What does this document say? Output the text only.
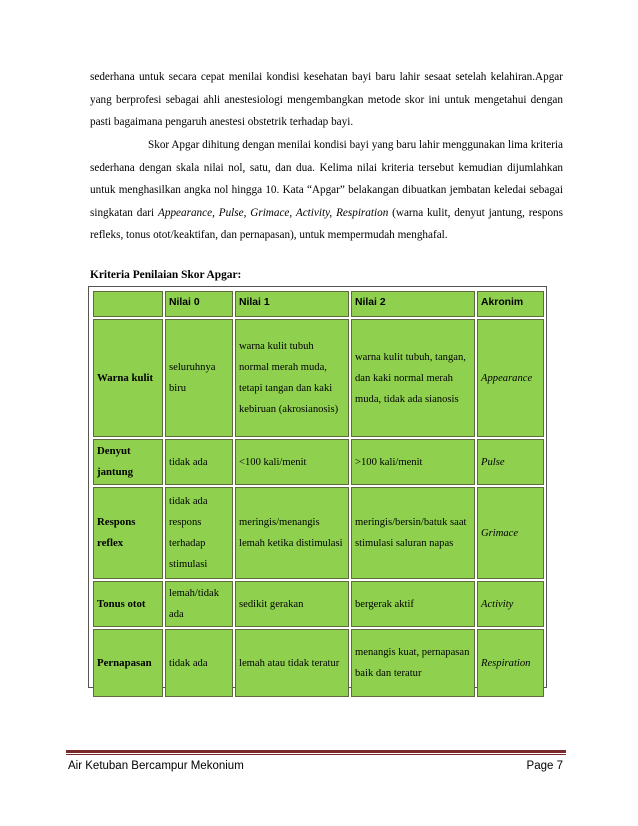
sederhana untuk secara cepat menilai kondisi kesehatan bayi baru lahir sesaat setelah kelahiran.Apgar yang berprofesi sebagai ahli anestesiologi mengembangkan metode skor ini untuk mengetahui dengan pasti bagaimana pengaruh anestesi obstetrik terhadap bayi.
Skor Apgar dihitung dengan menilai kondisi bayi yang baru lahir menggunakan lima kriteria sederhana dengan skala nilai nol, satu, dan dua. Kelima nilai kriteria tersebut kemudian dijumlahkan untuk menghasilkan angka nol hingga 10. Kata “Apgar” belakangan dibuatkan jembatan keledai sebagai singkatan dari Appearance, Pulse, Grimace, Activity, Respiration (warna kulit, denyut jantung, respons refleks, tonus otot/keaktifan, dan pernapasan), untuk mempermudah menghafal.
Kriteria Penilaian Skor Apgar:
	Nilai 0	Nilai 1	Nilai 2	Akronim
Warna kulit	seluruhnya biru	warna kulit tubuh normal merah muda, tetapi tangan dan kaki kebiruan (akrosianosis)	warna kulit tubuh, tangan, dan kaki normal merah muda, tidak ada sianosis	Appearance
Denyut jantung	tidak ada	<100 kali/menit	>100 kali/menit	Pulse
Respons reflex	tidak ada respons terhadap stimulasi	meringis/menangis lemah ketika distimulasi	meringis/bersin/batuk saat stimulasi saluran napas	Grimace
Tonus otot	lemah/tidak ada	sedikit gerakan	bergerak aktif	Activity
Pernapasan	tidak ada	lemah atau tidak teratur	menangis kuat, pernapasan baik dan teratur	Respiration
Air Ketuban Bercampur Mekonium	Page 7
